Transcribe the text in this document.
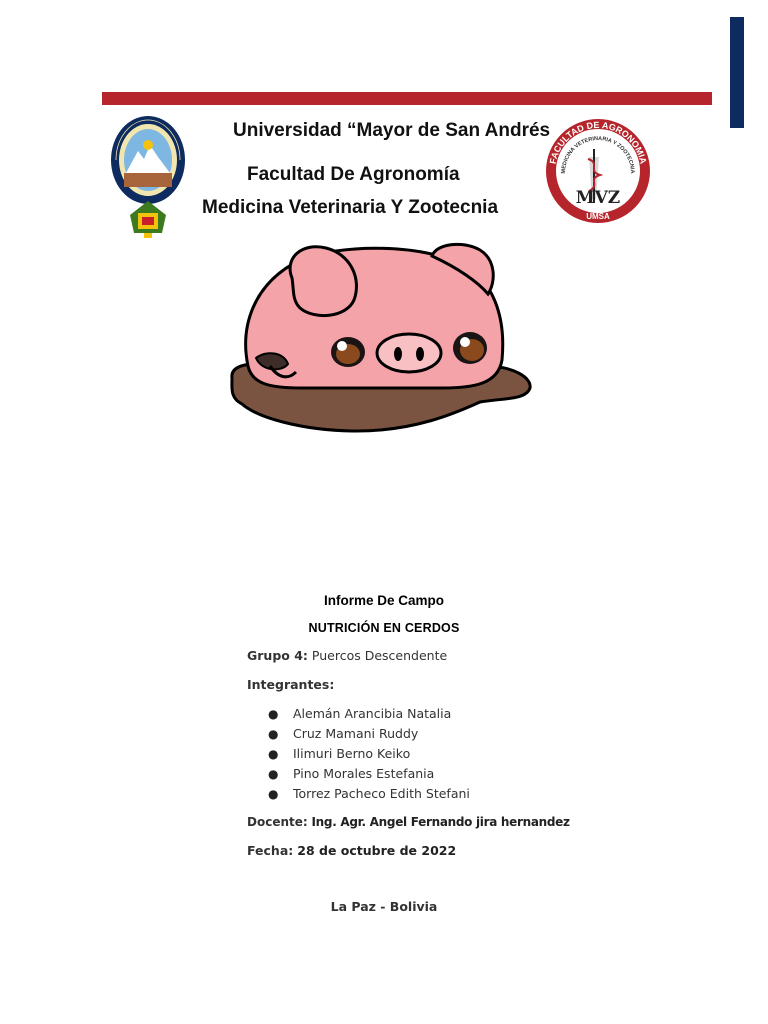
Universidad “Mayor de San Andrés
Facultad De Agronomía
Medicina Veterinaria Y Zootecnia
FACULTAD DE AGRONOMIA
MEDICINA VETERINARIA Y ZOOTECNIA
MVZ
UMSA
Informe De Campo
NUTRICIÓN EN CERDOS
Grupo 4: Puercos Descendente
Integrantes:
● Alemán Arancibia Natalia
● Cruz Mamani Ruddy
● Ilimuri Berno Keiko
● Pino Morales Estefania
● Torrez Pacheco Edith Stefani
Docente: Ing. Agr. Angel Fernando jira hernandez
Fecha: 28 de octubre de 2022
La Paz - Bolivia
